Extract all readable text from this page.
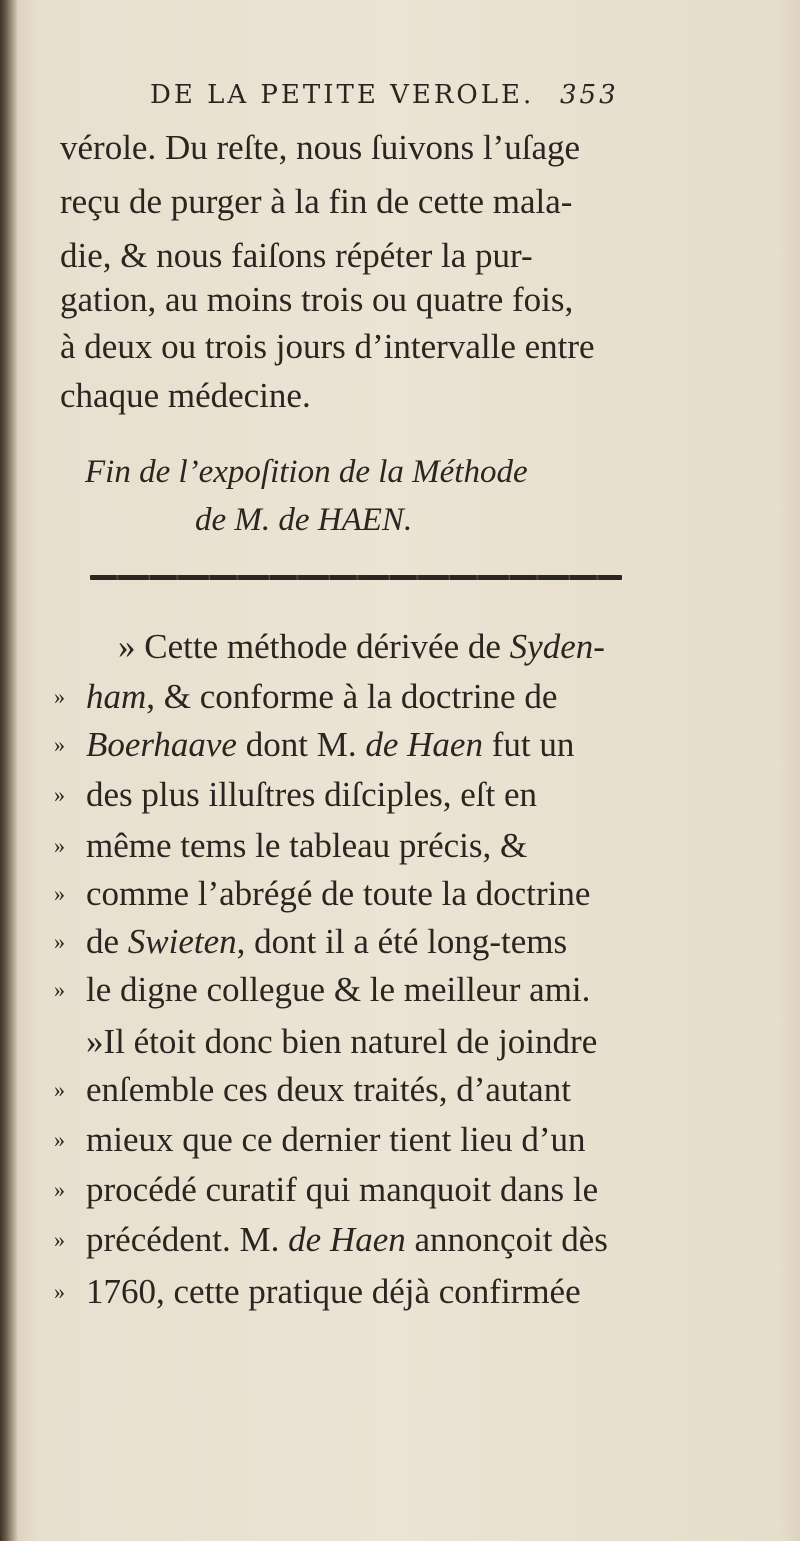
DE LA PETITE VEROLE. 353
vérole. Du reſte, nous ſuivons l’uſage
reçu de purger à la fin de cette mala-
die, & nous faiſons répéter la pur-
gation, au moins trois ou quatre fois,
à deux ou trois jours d’intervalle entre
chaque médecine.
Fin de l’expoſition de la Méthode
de M. de HAEN.
» Cette méthode dérivée de Syden-
» ham, & conforme à la doctrine de
» Boerhaave dont M. de Haen fut un
» des plus illuſtres diſciples, eſt en
» même tems le tableau précis, &
» comme l’abrégé de toute la doctrine
» de Swieten, dont il a été long-tems
» le digne collegue & le meilleur ami.
»Il étoit donc bien naturel de joindre
» enſemble ces deux traités, d’autant
» mieux que ce dernier tient lieu d’un
» procédé curatif qui manquoit dans le
» précédent. M. de Haen annonçoit dès
» 1760, cette pratique déjà confirmée
